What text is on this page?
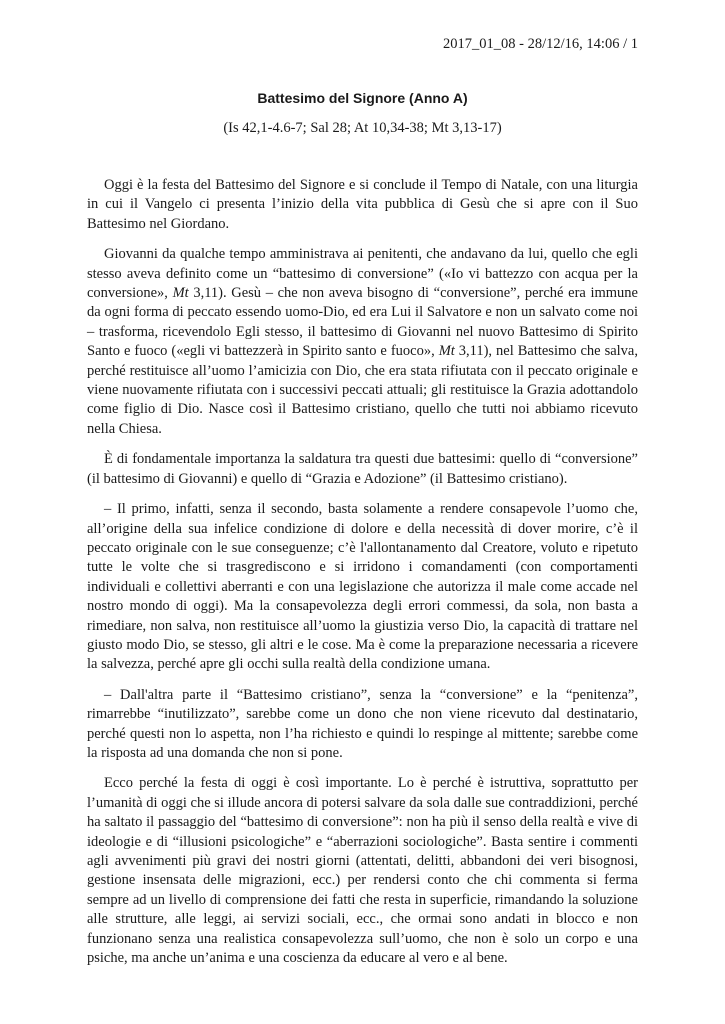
2017_01_08 - 28/12/16, 14:06 / 1
Battesimo del Signore (Anno A)
(Is 42,1-4.6-7; Sal 28; At 10,34-38; Mt 3,13-17)

Oggi è la festa del Battesimo del Signore e si conclude il Tempo di Natale, con una liturgia in cui il Vangelo ci presenta l’inizio della vita pubblica di Gesù che si apre con il Suo Battesimo nel Giordano.

Giovanni da qualche tempo amministrava ai penitenti, che andavano da lui, quello che egli stesso aveva definito come un “battesimo di conversione” («Io vi battezzo con acqua per la conversione», Mt 3,11). Gesù – che non aveva bisogno di “conversione”, perché era immune da ogni forma di peccato essendo uomo-Dio, ed era Lui il Salvatore e non un salvato come noi – trasforma, ricevendolo Egli stesso, il battesimo di Giovanni nel nuovo Battesimo di Spirito Santo e fuoco («egli vi battezzerà in Spirito santo e fuoco», Mt 3,11), nel Battesimo che salva, perché restituisce all’uomo l’amicizia con Dio, che era stata rifiutata con il peccato originale e viene nuovamente rifiutata con i successivi peccati attuali; gli restituisce la Grazia adottandolo come figlio di Dio. Nasce così il Battesimo cristiano, quello che tutti noi abbiamo ricevuto nella Chiesa.

È di fondamentale importanza la saldatura tra questi due battesimi: quello di “conversione” (il battesimo di Giovanni) e quello di “Grazia e Adozione” (il Battesimo cristiano).

– Il primo, infatti, senza il secondo, basta solamente a rendere consapevole l’uomo che, all’origine della sua infelice condizione di dolore e della necessità di dover morire, c’è il peccato originale con le sue conseguenze; c’è l'allontanamento dal Creatore, voluto e ripetuto tutte le volte che si trasgrediscono e si irridono i comandamenti (con comportamenti individuali e collettivi aberranti e con una legislazione che autorizza il male come accade nel nostro mondo di oggi). Ma la consapevolezza degli errori commessi, da sola, non basta a rimediare, non salva, non restituisce all’uomo la giustizia verso Dio, la capacità di trattare nel giusto modo Dio, se stesso, gli altri e le cose. Ma è come la preparazione necessaria a ricevere la salvezza, perché apre gli occhi sulla realtà della condizione umana.

– Dall'altra parte il “Battesimo cristiano”, senza la “conversione” e la “penitenza”, rimarrebbe “inutilizzato”, sarebbe come un dono che non viene ricevuto dal destinatario, perché questi non lo aspetta, non l’ha richiesto e quindi lo respinge al mittente; sarebbe come la risposta ad una domanda che non si pone.

Ecco perché la festa di oggi è così importante. Lo è perché è istruttiva, soprattutto per l’umanità di oggi che si illude ancora di potersi salvare da sola dalle sue contraddizioni, perché ha saltato il passaggio del “battesimo di conversione”: non ha più il senso della realtà e vive di ideologie e di “illusioni psicologiche” e “aberrazioni sociologiche”. Basta sentire i commenti agli avvenimenti più gravi dei nostri giorni (attentati, delitti, abbandoni dei veri bisognosi, gestione insensata delle migrazioni, ecc.) per rendersi conto che chi commenta si ferma sempre ad un livello di comprensione dei fatti che resta in superficie, rimandando la soluzione alle strutture, alle leggi, ai servizi sociali, ecc., che ormai sono andati in blocco e non funzionano senza una realistica consapevolezza sull’uomo, che non è solo un corpo e una psiche, ma anche un’anima e una coscienza da educare al vero e al bene.
